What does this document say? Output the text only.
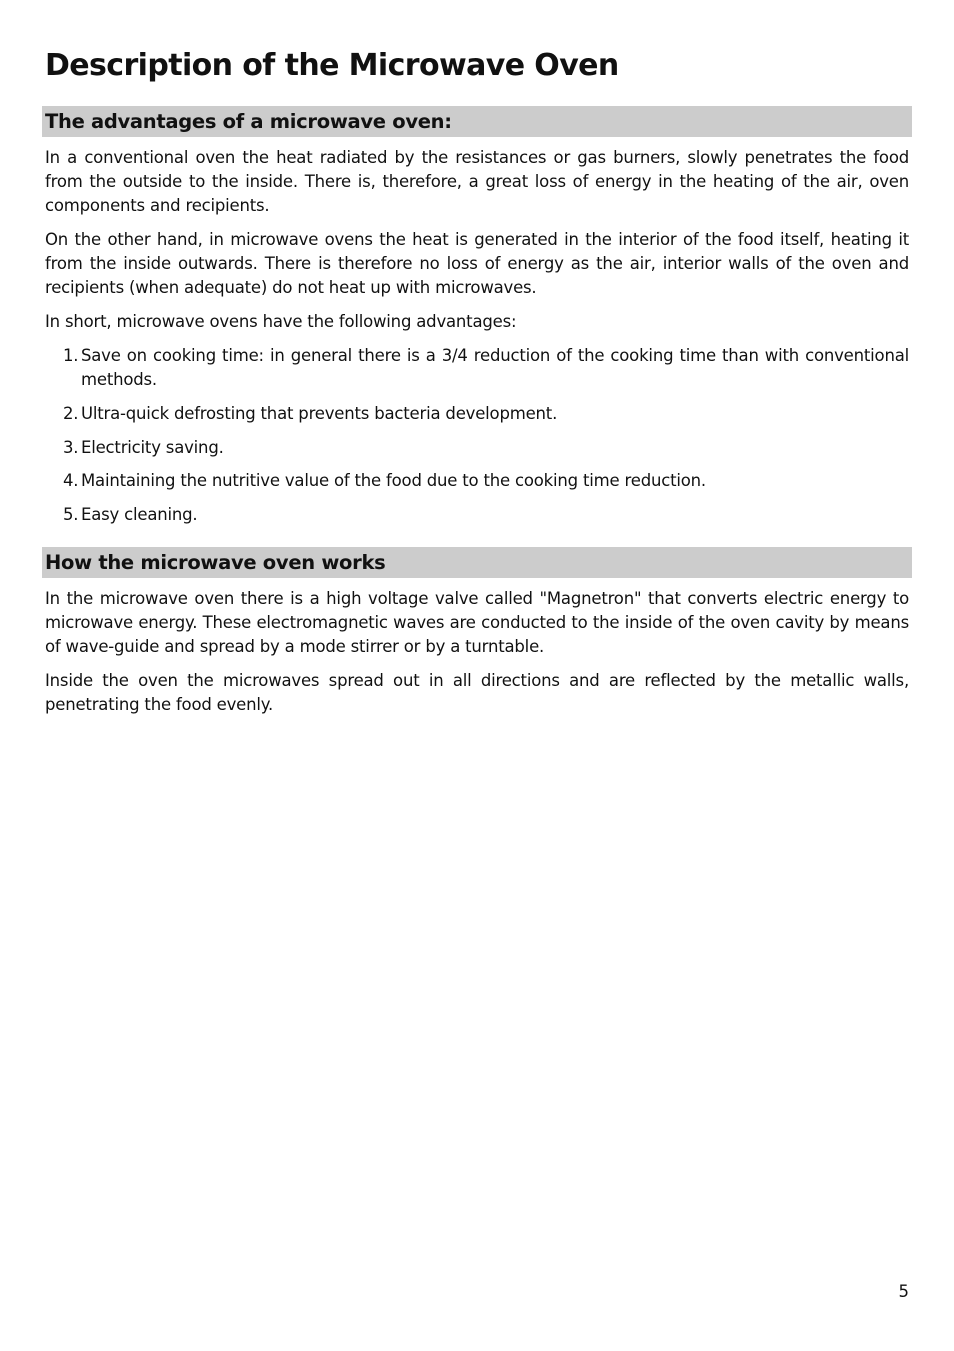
Description of the Microwave Oven
The advantages of a microwave oven:

In a conventional oven the heat radiated by the resistances or gas burners, slowly penetrates the food from the outside to the inside. There is, therefore, a great loss of energy in the heating of the air, oven components and recipients.

On the other hand, in microwave ovens the heat is generated in the interior of the food itself, heating it from the inside outwards. There is therefore no loss of energy as the air, interior walls of the oven and recipients (when adequate) do not heat up with microwaves.

In short, microwave ovens have the following advantages:

1. Save on cooking time: in general there is a 3/4 reduction of the cooking time than with conventional methods.
2. Ultra-quick defrosting that prevents bacteria development.
3. Electricity saving.
4. Maintaining the nutritive value of the food due to the cooking time reduction.
5. Easy cleaning.
How the microwave oven works

In the microwave oven there is a high voltage valve called "Magnetron" that converts electric energy to microwave energy. These electromagnetic waves are conducted to the inside of the oven cavity by means of wave-guide and spread by a mode stirrer or by a turntable.

Inside the oven the microwaves spread out in all directions and are reflected by the metallic walls, penetrating the food evenly.

5
